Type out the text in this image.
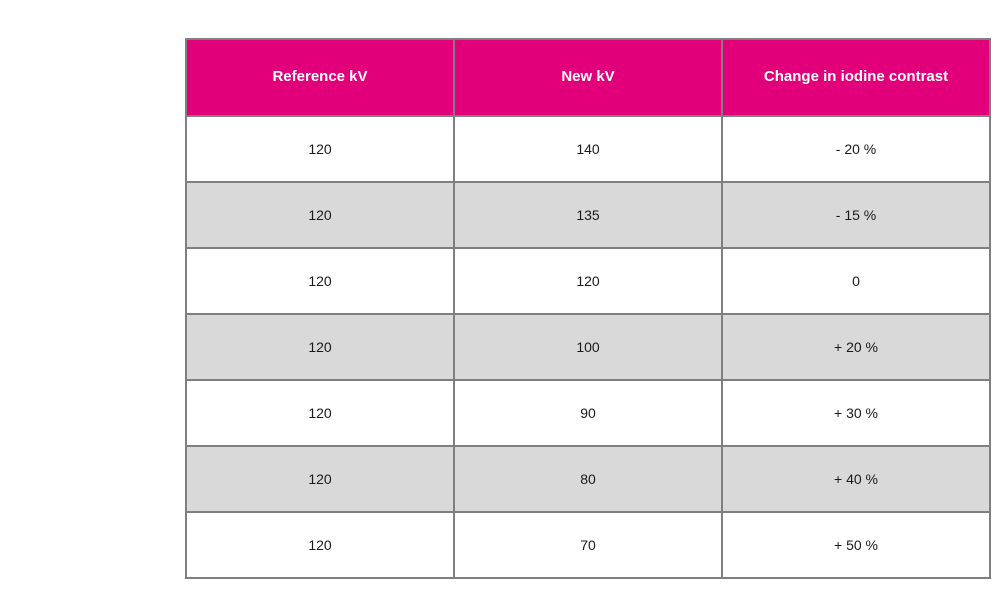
Reference kV	New kV	Change in iodine contrast
120	140	- 20 %
120	135	- 15 %
120	120	0
120	100	+ 20 %
120	90	+ 30 %
120	80	+ 40 %
120	70	+ 50 %
